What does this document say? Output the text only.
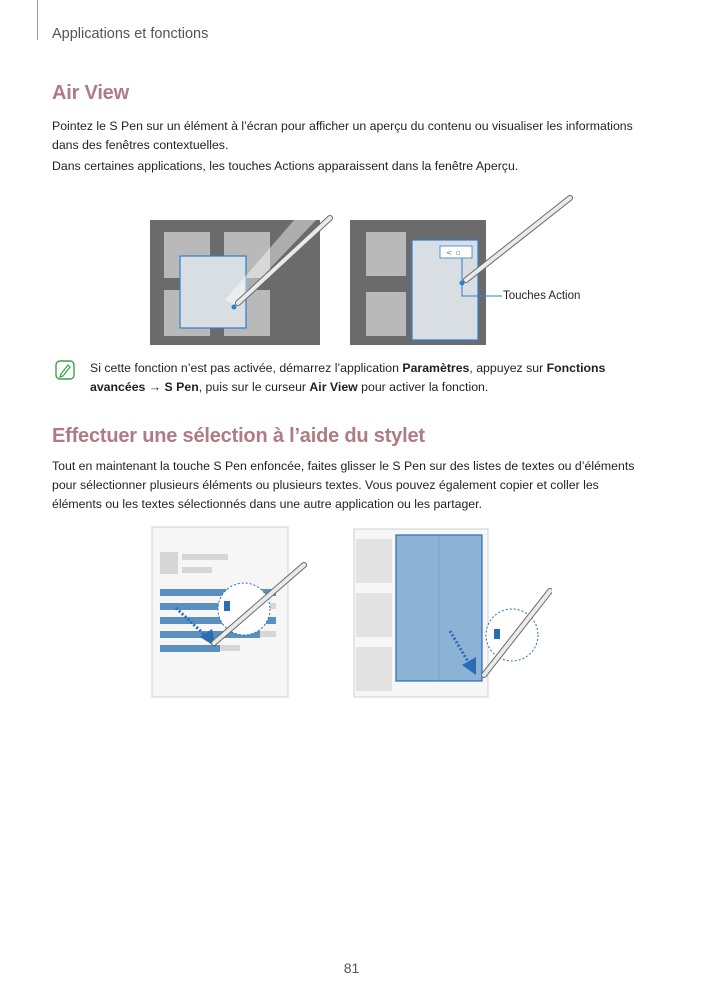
Applications et fonctions
Air View

Pointez le S Pen sur un élément à l’écran pour afficher un aperçu du contenu ou visualiser les informations dans des fenêtres contextuelles.

Dans certaines applications, les touches Actions apparaissent dans la fenêtre Aperçu.

< ▫
Touches Action
Si cette fonction n’est pas activée, démarrez l’application Paramètres, appuyez sur Fonctions avancées → S Pen, puis sur le curseur Air View pour activer la fonction.
Effectuer une sélection à l’aide du stylet

Tout en maintenant la touche S Pen enfoncée, faites glisser le S Pen sur des listes de textes ou d’éléments pour sélectionner plusieurs éléments ou plusieurs textes. Vous pouvez également copier et coller les éléments ou les textes sélectionnés dans une autre application ou les partager.

81
